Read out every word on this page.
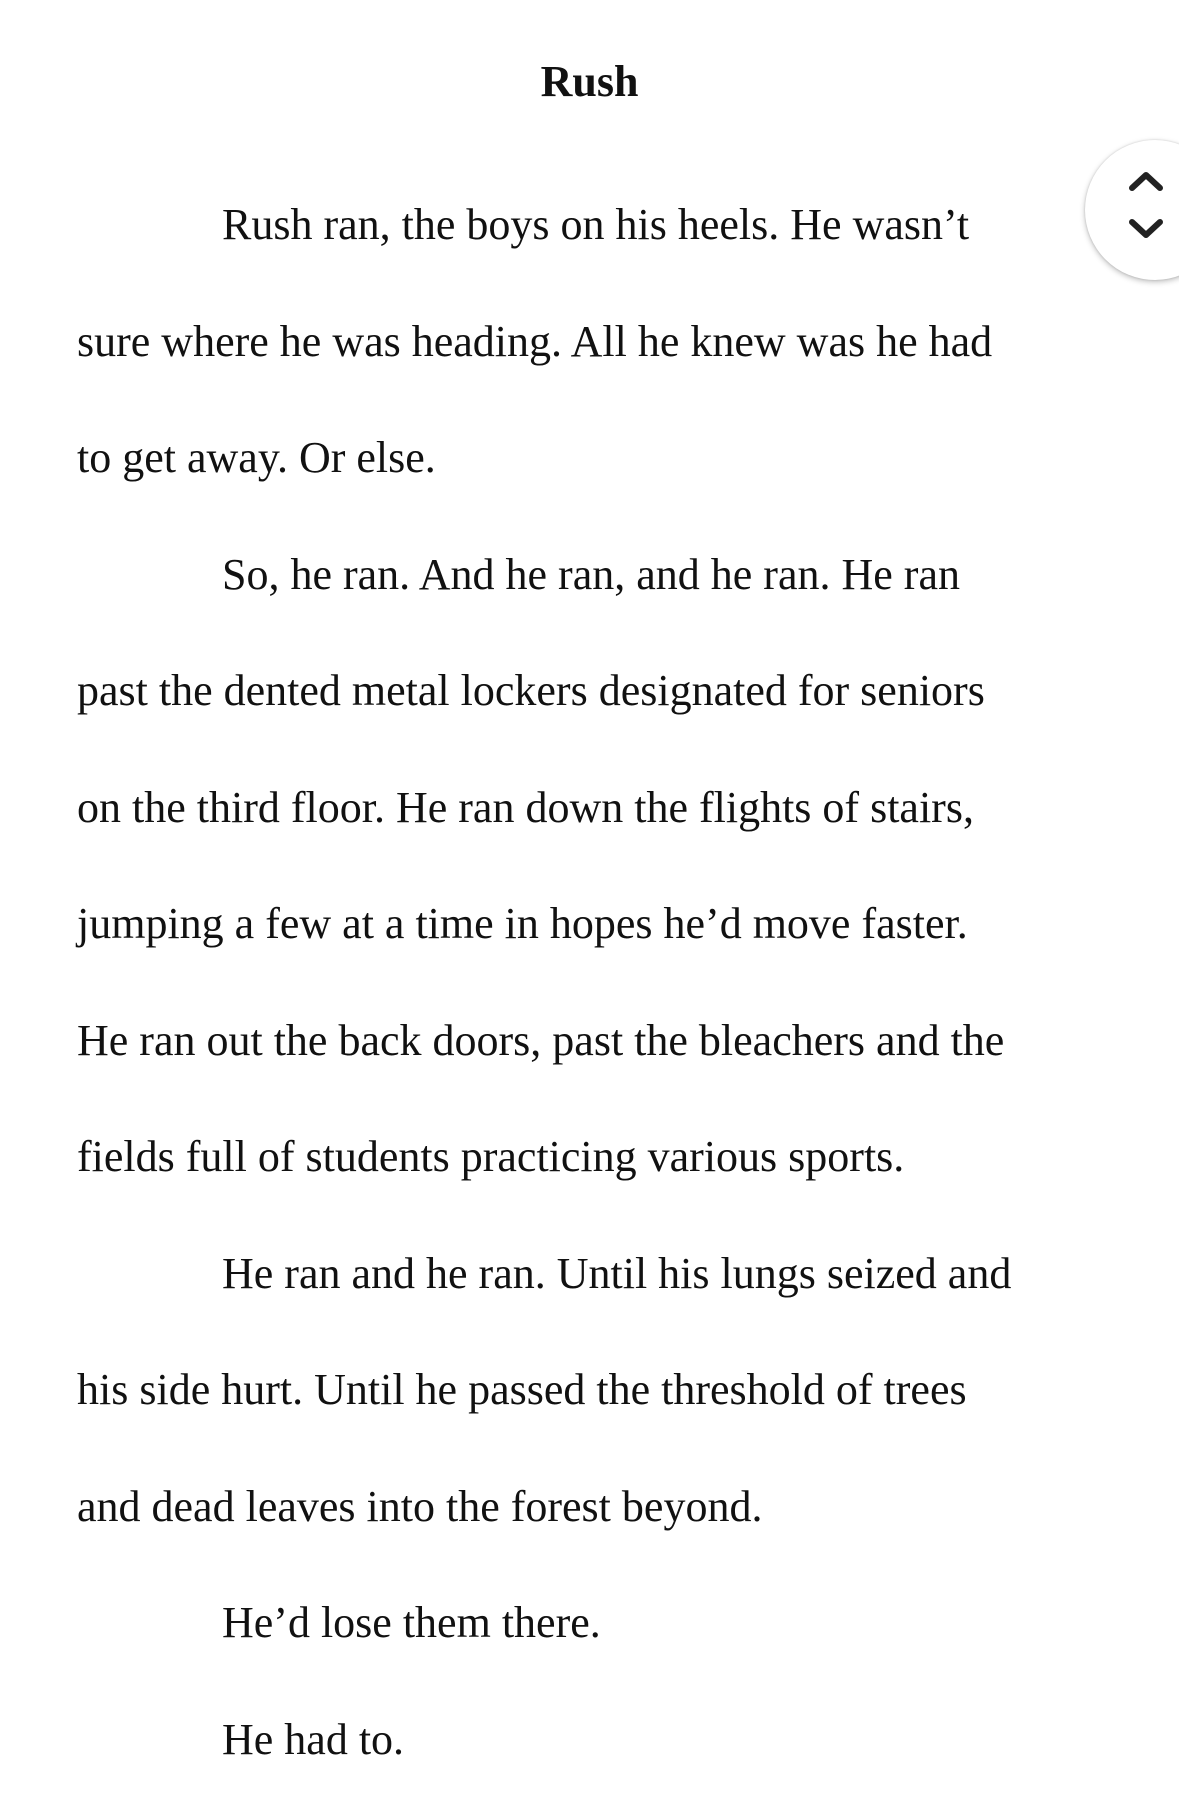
Rush
Rush ran, the boys on his heels. He wasn’t
sure where he was heading. All he knew was he had
to get away. Or else.
So, he ran. And he ran, and he ran. He ran
past the dented metal lockers designated for seniors
on the third floor. He ran down the flights of stairs,
jumping a few at a time in hopes he’d move faster.
He ran out the back doors, past the bleachers and the
fields full of students practicing various sports.
He ran and he ran. Until his lungs seized and
his side hurt. Until he passed the threshold of trees
and dead leaves into the forest beyond.
He’d lose them there.
He had to.
